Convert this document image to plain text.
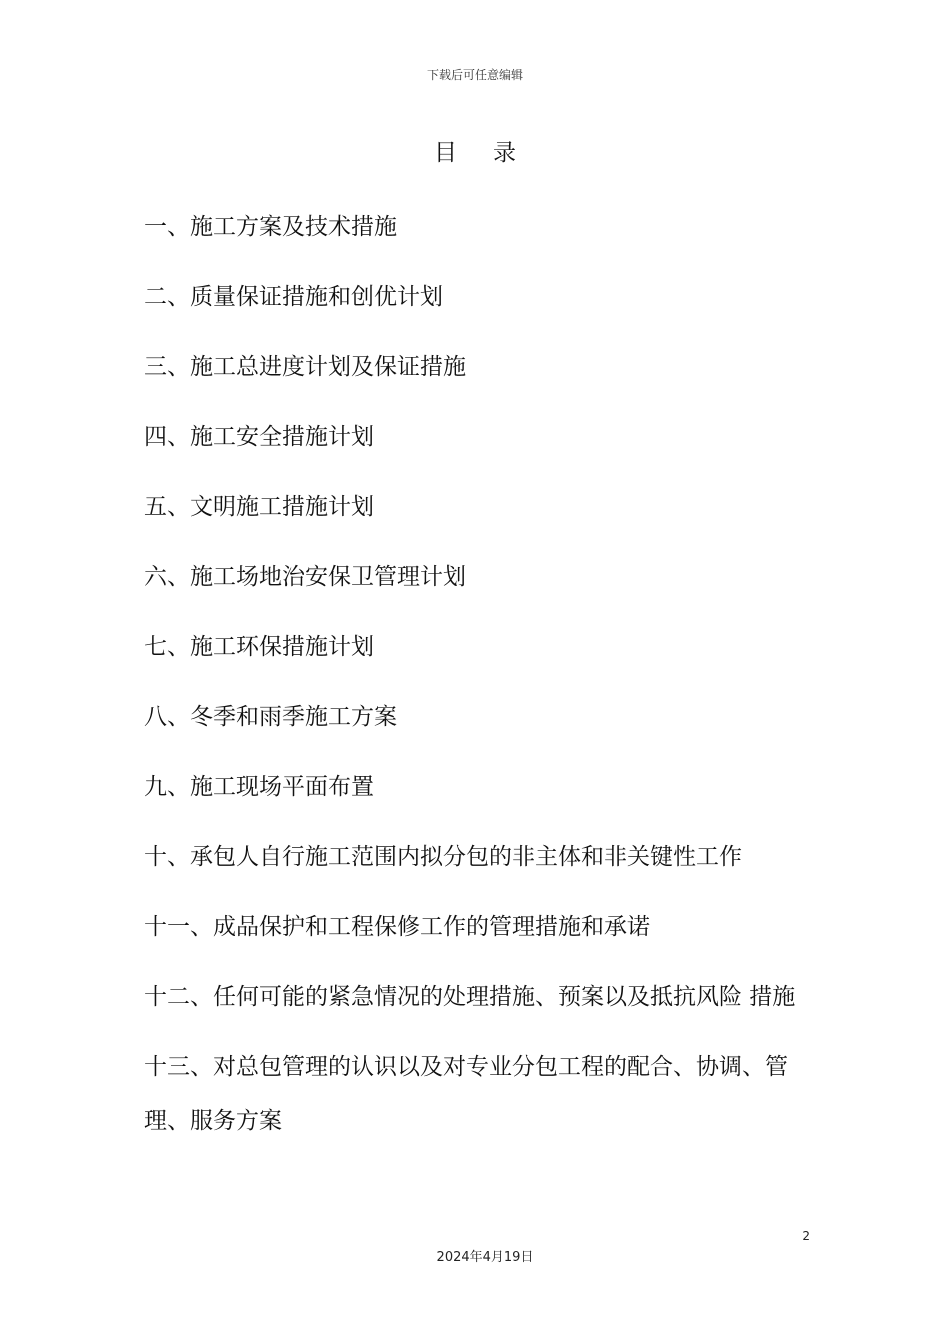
下载后可任意编辑
目录
一、施工方案及技术措施
二、质量保证措施和创优计划
三、施工总进度计划及保证措施
四、施工安全措施计划
五、文明施工措施计划
六、施工场地治安保卫管理计划
七、施工环保措施计划
八、冬季和雨季施工方案
九、施工现场平面布置
十、承包人自行施工范围内拟分包的非主体和非关键性工作
十一、成品保护和工程保修工作的管理措施和承诺
十二、任何可能的紧急情况的处理措施、预案以及抵抗风险 措施
十三、对总包管理的认识以及对专业分包工程的配合、协调、管理、服务方案
2
2024年4月19日
